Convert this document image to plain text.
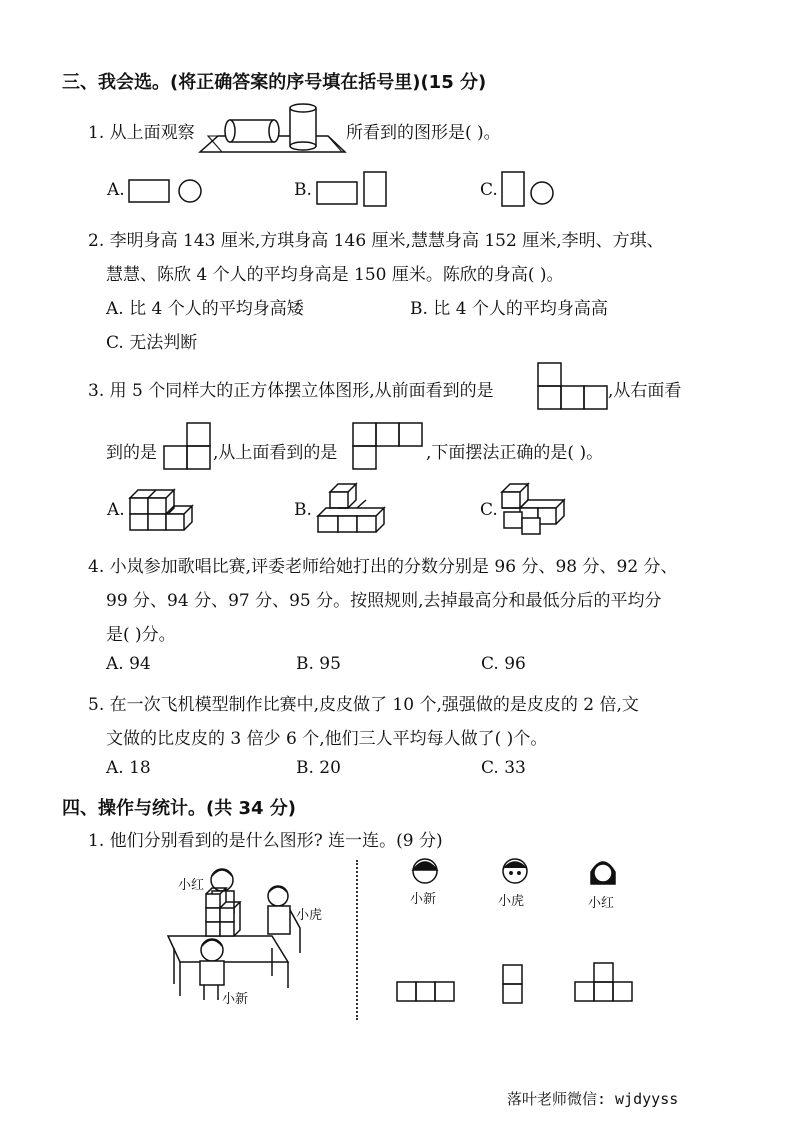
三、我会选。(将正确答案的序号填在括号里)(15 分)
1. 从上面观察	所看到的图形是( )。
A.	B.	C.
2. 李明身高 143 厘米,方琪身高 146 厘米,慧慧身高 152 厘米,李明、方琪、
慧慧、陈欣 4 个人的平均身高是 150 厘米。陈欣的身高( )。
A. 比 4 个人的平均身高矮	B. 比 4 个人的平均身高高
C. 无法判断
3. 用 5 个同样大的正方体摆立体图形,从前面看到的是	,从右面看
到的是	,从上面看到的是	,下面摆法正确的是( )。
A.	B.	C.
4. 小岚参加歌唱比赛,评委老师给她打出的分数分别是 96 分、98 分、92 分、
99 分、94 分、97 分、95 分。按照规则,去掉最高分和最低分后的平均分
是( )分。
A. 94	B. 95	C. 96
5. 在一次飞机模型制作比赛中,皮皮做了 10 个,强强做的是皮皮的 2 倍,文
文做的比皮皮的 3 倍少 6 个,他们三人平均每人做了( )个。
A. 18	B. 20	C. 33
四、操作与统计。(共 34 分)
1. 他们分别看到的是什么图形? 连一连。(9 分)
小红
小虎
小新
小新	小虎	小红
落叶老师微信: wjdyyss
